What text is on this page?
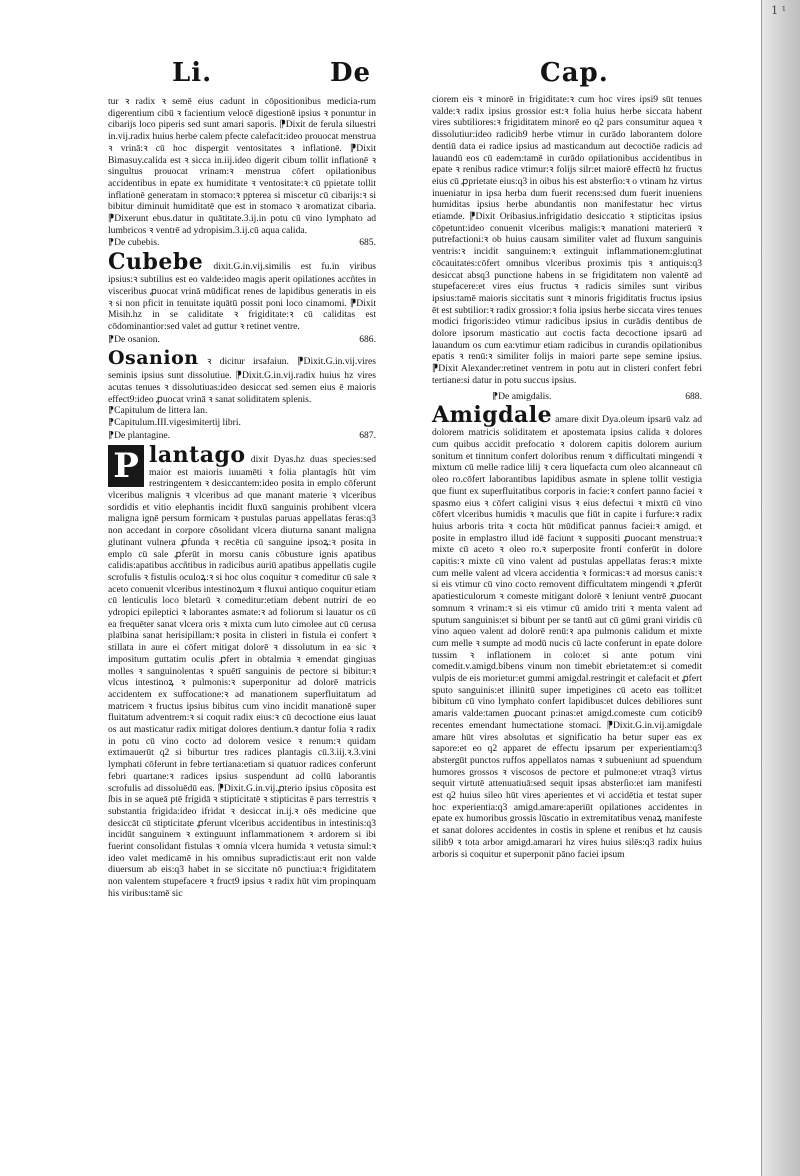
1 ¹
Li.	De	Cap.

tur ꝛ radix ꝛ semē eius cadunt in cōpositionibus medicia-rum digerentium cibū ꝛ facientium velocē digestionē ipsius ꝛ ponuntur in cibarijs loco piperis sed sunt amari saporis. ⁋Dixit de ferula siluestri in.vij.radix huius herbe calem pfecte calefacit:ideo prouocat menstrua ꝛ vrinā:ꝛ cū hoc dispergit ventositates ꝛ inflationē. ⁋Dixit Bimasuy.calida est ꝛ sicca in.iij.ideo digerit cibum tollit inflationē ꝛ singultus prouocat vrinam:ꝛ menstrua cōfert opilationibus accidentibus in epate ex humiditate ꝛ ventositate:ꝛ cū ppietate tollit inflationē generatam in stomaco:ꝛ ppterea si miscetur cū cibarijs:ꝛ si bibitur diminuit humiditatē que est in stomaco ꝛ aromatizat cibaria. ⁋Dixerunt ebus.datur in quātitate.3.ij.in potu cū vino lymphato ad lumbricos ꝛ ventrē ad ydropisim.3.ij.cū aqua calida.

⁋De cubebis.	685.

Cubebe dixit.G.in.vij.similis est fu.in viribus ipsius:ꝛ subtilius est eo valde:ideo magis aperit opilationes accñtes in visceribus ꝓuocat vrinā mūdificat renes de lapidibus generatis in eis ꝛ si non pficit in tenuitate iquātū possit poni loco cinamomi. ⁋Dixit Misih.hz in se caliditate ꝛ frigiditate:ꝛ cū caliditas est cōdominantior:sed valet ad guttur ꝛ retinet ventre.

⁋De osanion.	686.

Osanion ꝛ dicitur irsafaiun. ⁋Dixit.G.in.vij.vires seminis ipsius sunt dissolutiue. ⁋Dixit.G.in.vij.radix huius hz vires acutas tenues ꝛ dissolutiuas:ideo desiccat sed semen eius ē maioris effect9:ideo ꝓuocat vrinā ꝛ sanat soliditatem splenis.

⁋Capitulum de littera lan.
⁋Capitulum.III.vigesimitertij libri.
⁋De plantagine.	687.

P lantago dixit Dyas.hz duas species:sed maior est maioris iuuamēti ꝛ folia plantagīs hūt vim restringentem ꝛ desiccantem:ideo posita in emplo cōferunt vlceribus malignis ꝛ vlceribus ad que manant materie ꝛ vlceribus sordidis et vitio elephantis incidit fluxū sanguinis prohibent vlcera maligna ignē persum formicam ꝛ pustulas paruas appellatas feras:q3 non accedant in corpore cōsolidant vlcera diuturna sanant maligna glutinant vulnera ꝓfunda ꝛ recētia cū sanguine ipsoꝝ:ꝛ posita in emplo cū sale ꝓferūt in morsu canis cōbusture ignis apatibus calidis:apatibus accñtibus in radicibus auriū apatibus appellatis cugile scrofulis ꝛ fistulis oculoꝝ:ꝛ si hoc olus coquitur ꝛ comeditur cū sale ꝛ aceto conuenit vlceribus intestinoꝝum ꝛ fluxui antiquo coquitur etiam cū lenticulis loco bletarū ꝛ comeditur:etiam debent nutriri de eo ydropici epileptici ꝛ laborantes asmate:ꝛ ad foliorum si lauatur os cū ea frequēter sanat vlcera oris ꝛ mixta cum luto cimolee aut cū cerusa plaībina sanat herisipillam:ꝛ posita in clisteri in fistula ei confert ꝛ stillata in aure ei cōfert mitigat dolorē ꝛ dissolutum in ea sic ꝛ impositum guttatim oculis ꝓfert in obtalmia ꝛ emendat gingiuas molles ꝛ sanguinolentas ꝛ spuētī sanguinis de pectore si bibitur:ꝛ vlcus intestinoꝝ ꝛ pulmonis:ꝛ superponitur ad dolorē matricis accidentem ex suffocatione:ꝛ ad manationem superfluitatum ad matricem ꝛ fructus ipsius bibitus cum vino incidit manationē super fluitatum adventrem:ꝛ si coquit radix eius:ꝛ cū decoctione eius lauat os aut masticatur radix mitigat dolores dentium.ꝛ dantur folia ꝛ radix in potu cū vino cocto ad dolorem vesice ꝛ renum:ꝛ quidam extimauerūt q2 si biburtur tres radices plantagis cū.3.iij.ꝛ.3.vini lymphati cōferunt in febre tertiana:etiam si quatuor radices conferunt febri quartane:ꝛ radices ipsius suspendunt ad collū laborantis scrofulis ad dissoluēdū eas. ⁋Dixit.G.in.vij.ꝓterio ipsius cōposita est ſbis in se aqueā ptē frigidā ꝛ stipticitatē ꝛ stipticitas ē pars terrestris ꝛ substantia frigida:ideo ifridat ꝛ desiccat in.ij.ꝛ oēs medicine que desiccāt cū stipticitate ꝓferunt vlceribus accidentibus in intestinis:q3 incidūt sanguinem ꝛ extinguunt inflammationem ꝛ ardorem si ibi fuerint consolidant fistulas ꝛ omnia vlcera humida ꝛ vetusta simul:ꝛ ideo valet medicamē in his omnibus supradictis:aut erit non valde diuersum ab eis:q3 habet in se siccitate nō punctiua:ꝛ frigiditatem non valentem stupefacere ꝛ fruct9 ipsius ꝛ radix hūt vim propinquam his viribus:tamē sic

ciorem eis ꝛ minorē in frigiditate:ꝛ cum hoc vires ipsi9 sūt tenues valde:ꝛ radix ipsius grossior est:ꝛ folia huius herbe siccata habent vires subtiliores:ꝛ frigiditatem minorē eo q2 pars consumitur aquea ꝛ dissolutiur:ideo radicib9 herbe vtimur in curādo laborantem dolore dentiū data ei radice ipsius ad masticandum aut decoctiōe radicis ad lauandū eos cū eadem:tamē in curādo opilationibus accidentibus in epate ꝛ renibus radice vtimur:ꝛ folijs silr:et maiorē effectū hz fructus eius cū ꝓprietate eius:q3 in oibus his est absterſio:ꝛ o vtinam hz virtus inueniatur in ipsa herba dum fuerit recens:sed dum fuerit inueniens humiditas ipsius herbe abundantis non manifestatur hec virtus etiamde. ⁋Dixit Oribasius.infrigidatio desiccatio ꝛ stipticitas ipsius cōpetunt:ideo conuenit vlceribus maligis:ꝛ manationi materierū ꝛ putrefactioni:ꝛ ob huius causam similiter valet ad fluxum sanguinis ventris:ꝛ incidit sanguinem:ꝛ extinguit inflammationem:glutinat cōcauitates:cōfert omnibus vlceribus proximis tpis ꝛ antiquis:q3 desiccat absq3 punctione habens in se frigiditatem non valentē ad stupefacere:et vires eius fructus ꝛ radicis similes sunt viribus ipsius:tamē maioris siccitatis sunt ꝛ minoris frigiditatis fructus ipsius ēt est subtilior:ꝛ radix grossior:ꝛ folia ipsius herbe siccata vires tenues modici frigoris:ideo vtimur radicibus ipsius in curādis dentibus de dolore ipsorum masticatio aut coctis facta decoctione ipsarū ad lauandum os cum ea:vtimur etiam radicibus in curandis opilationibus epatis ꝛ renū:ꝛ similiter folijs in maiori parte sepe semine ipsius. ⁋Dixit Alexander:retinet ventrem in potu aut in clisteri confert febri tertiane:si datur in potu succus ipsius.

⁋De amigdalis.	688.

Amigdale amare dixit Dya.oleum ipsarū valz ad dolorem matricis soliditatem et apostemata ipsius calida ꝛ dolores cum quibus accidit prefocatio ꝛ dolorem capitis dolorem aurium sonitum et tinnitum confert doloribus renum ꝛ difficultati mingendi ꝛ mixtum cū melle radice lilij ꝛ cera liquefacta cum oleo alcanneaut cū oleo ro.cōfert laborantibus lapidibus asmate in splene tollit vestigia que fiunt ex superfluitatibus corporis in facie:ꝛ confert panno faciei ꝛ spasmo eius ꝛ cōfert caligini visus ꝛ eius defectui ꝛ mixtū cū vino cōfert vlceribus humidis ꝛ maculis que fiūt in capite i furfure:ꝛ radix huius arboris trita ꝛ cocta hūt mūdificat pannus faciei:ꝛ amigd. et posite in emplastro illud idē faciunt ꝛ suppositi ꝓuocant menstrua:ꝛ mixte cū aceto ꝛ oleo ro.ꝛ superposite fronti conferūt in dolore capitis:ꝛ mixte cū vino valent ad pustulas appellatas feras:ꝛ mixte cum melle valent ad vlcera accidentia ꝛ formicas:ꝛ ad morsus canis:ꝛ si eis vtimur cū vino cocto removent difficultatem mingendi ꝛ ꝓferūt apatiesticulorum ꝛ comeste mitigant dolorē ꝛ leniunt ventrē ꝓuocant somnum ꝛ vrinam:ꝛ si eis vtimur cū amido triti ꝛ menta valent ad sputum sanguinis:et si bibunt per se tantū aut cū gūmi grani viridis cū vino aqueo valent ad dolorē renū:ꝛ apa pulmonis calidum et mixte cum melle ꝛ sumpte ad modū nucis cū lacte conferunt in epate dolore tussim ꝛ inflationem in colo:et si ante potum vini comedit.v.amigd.bibens vinum non timebit ebrietatem:et si comedit vulpis de eis morietur:et gummi amigdal.restringit et calefacit et ꝓfert sputo sanguinis:et illinitū super impetigines cū aceto eas tollit:et bibitum cū vino lymphato confert lapidibus:et dulces debiliores sunt amaris valde:tamen ꝓuocant p:inas:et amigd.comeste cum coticib9 recentes emendant humectatione stomaci. ⁋Dixit.G.in.vij.amigdale amare hūt vires absolutas et significatio ha betur super eas ex sapore:et eo q2 apparet de effectu ipsarum per experientiam:q3 abstergūt punctos ruffos appellatos namas ꝛ subueniunt ad spuendum humores grossos ꝛ viscosos de pectore et pulmone:et vtraq3 virtus sequit virtutē attenuatiuā:sed sequit ipsas absterſio:et iam manifesti est q2 huius sileo hūt vires aperientes et vi accidētia et testat super hoc experientia:q3 amigd.amare:aperiūt opilationes accidentes in epate ex humoribus grossis lūscatio in extremitatibus venaꝝ manifeste et sanat dolores accidentes in costis in splene et renibus et hz causis silib9 ꝛ tota arbor amigd.amarari hz vires huius silēs:q3 radix huius arboris si coquitur et superponit pāno faciei ipsum
